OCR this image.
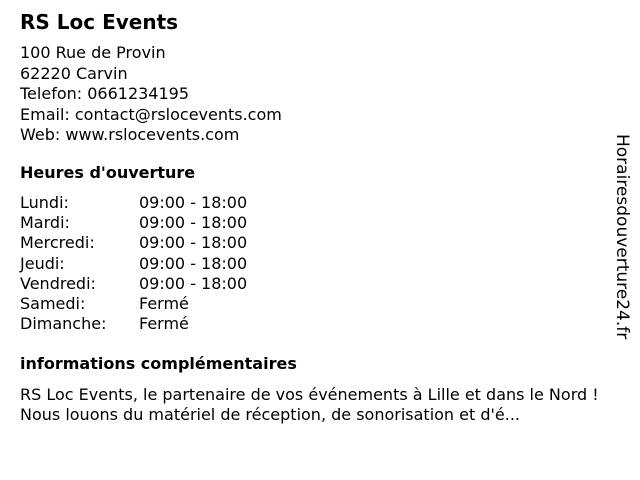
RS Loc Events
100 Rue de Provin
62220 Carvin
Telefon: 0661234195
Email: contact@rslocevents.com
Web: www.rslocevents.com
Heures d'ouverture
Lundi:	09:00 - 18:00
Mardi:	09:00 - 18:00
Mercredi:	09:00 - 18:00
Jeudi:	09:00 - 18:00
Vendredi:	09:00 - 18:00
Samedi:	Fermé
Dimanche: Fermé
informations complémentaires
RS Loc Events, le partenaire de vos événements à Lille et dans le Nord ! Nous louons du matériel de réception, de sonorisation et d'é...
Horairesdouverture24.fr
